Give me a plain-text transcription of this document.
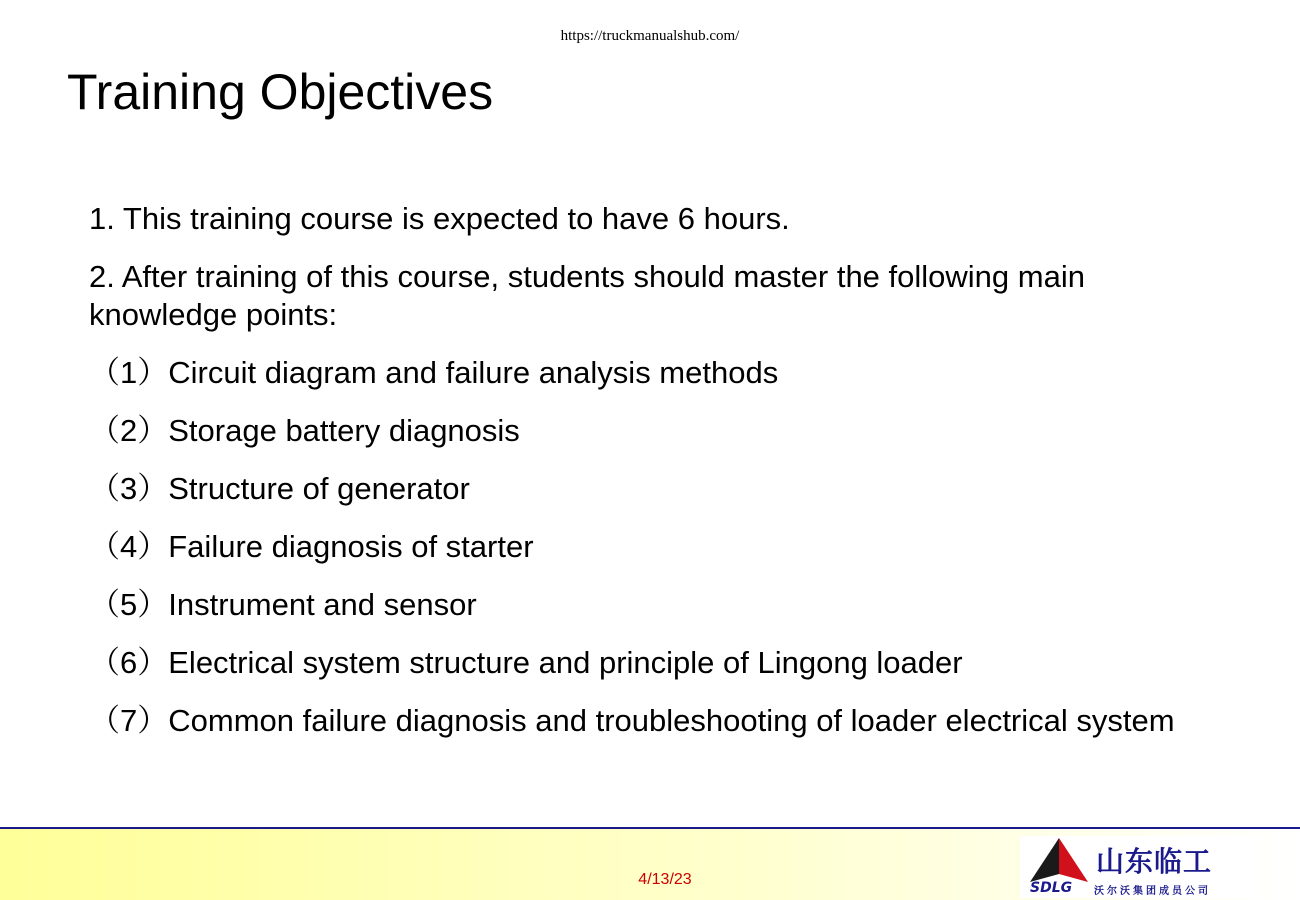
https://truckmanualshub.com/
Training Objectives

1. This training course is expected to have 6 hours.

2. After training of this course, students should master the following main knowledge points:

（1）Circuit diagram and failure analysis methods

（2）Storage battery diagnosis

（3）Structure of generator

（4）Failure diagnosis of starter

（5）Instrument and sensor

（6）Electrical system structure and principle of Lingong loader

（7）Common failure diagnosis and troubleshooting of loader electrical system

4/13/23
山东临工
SDLG 沃尔沃集团成员公司
